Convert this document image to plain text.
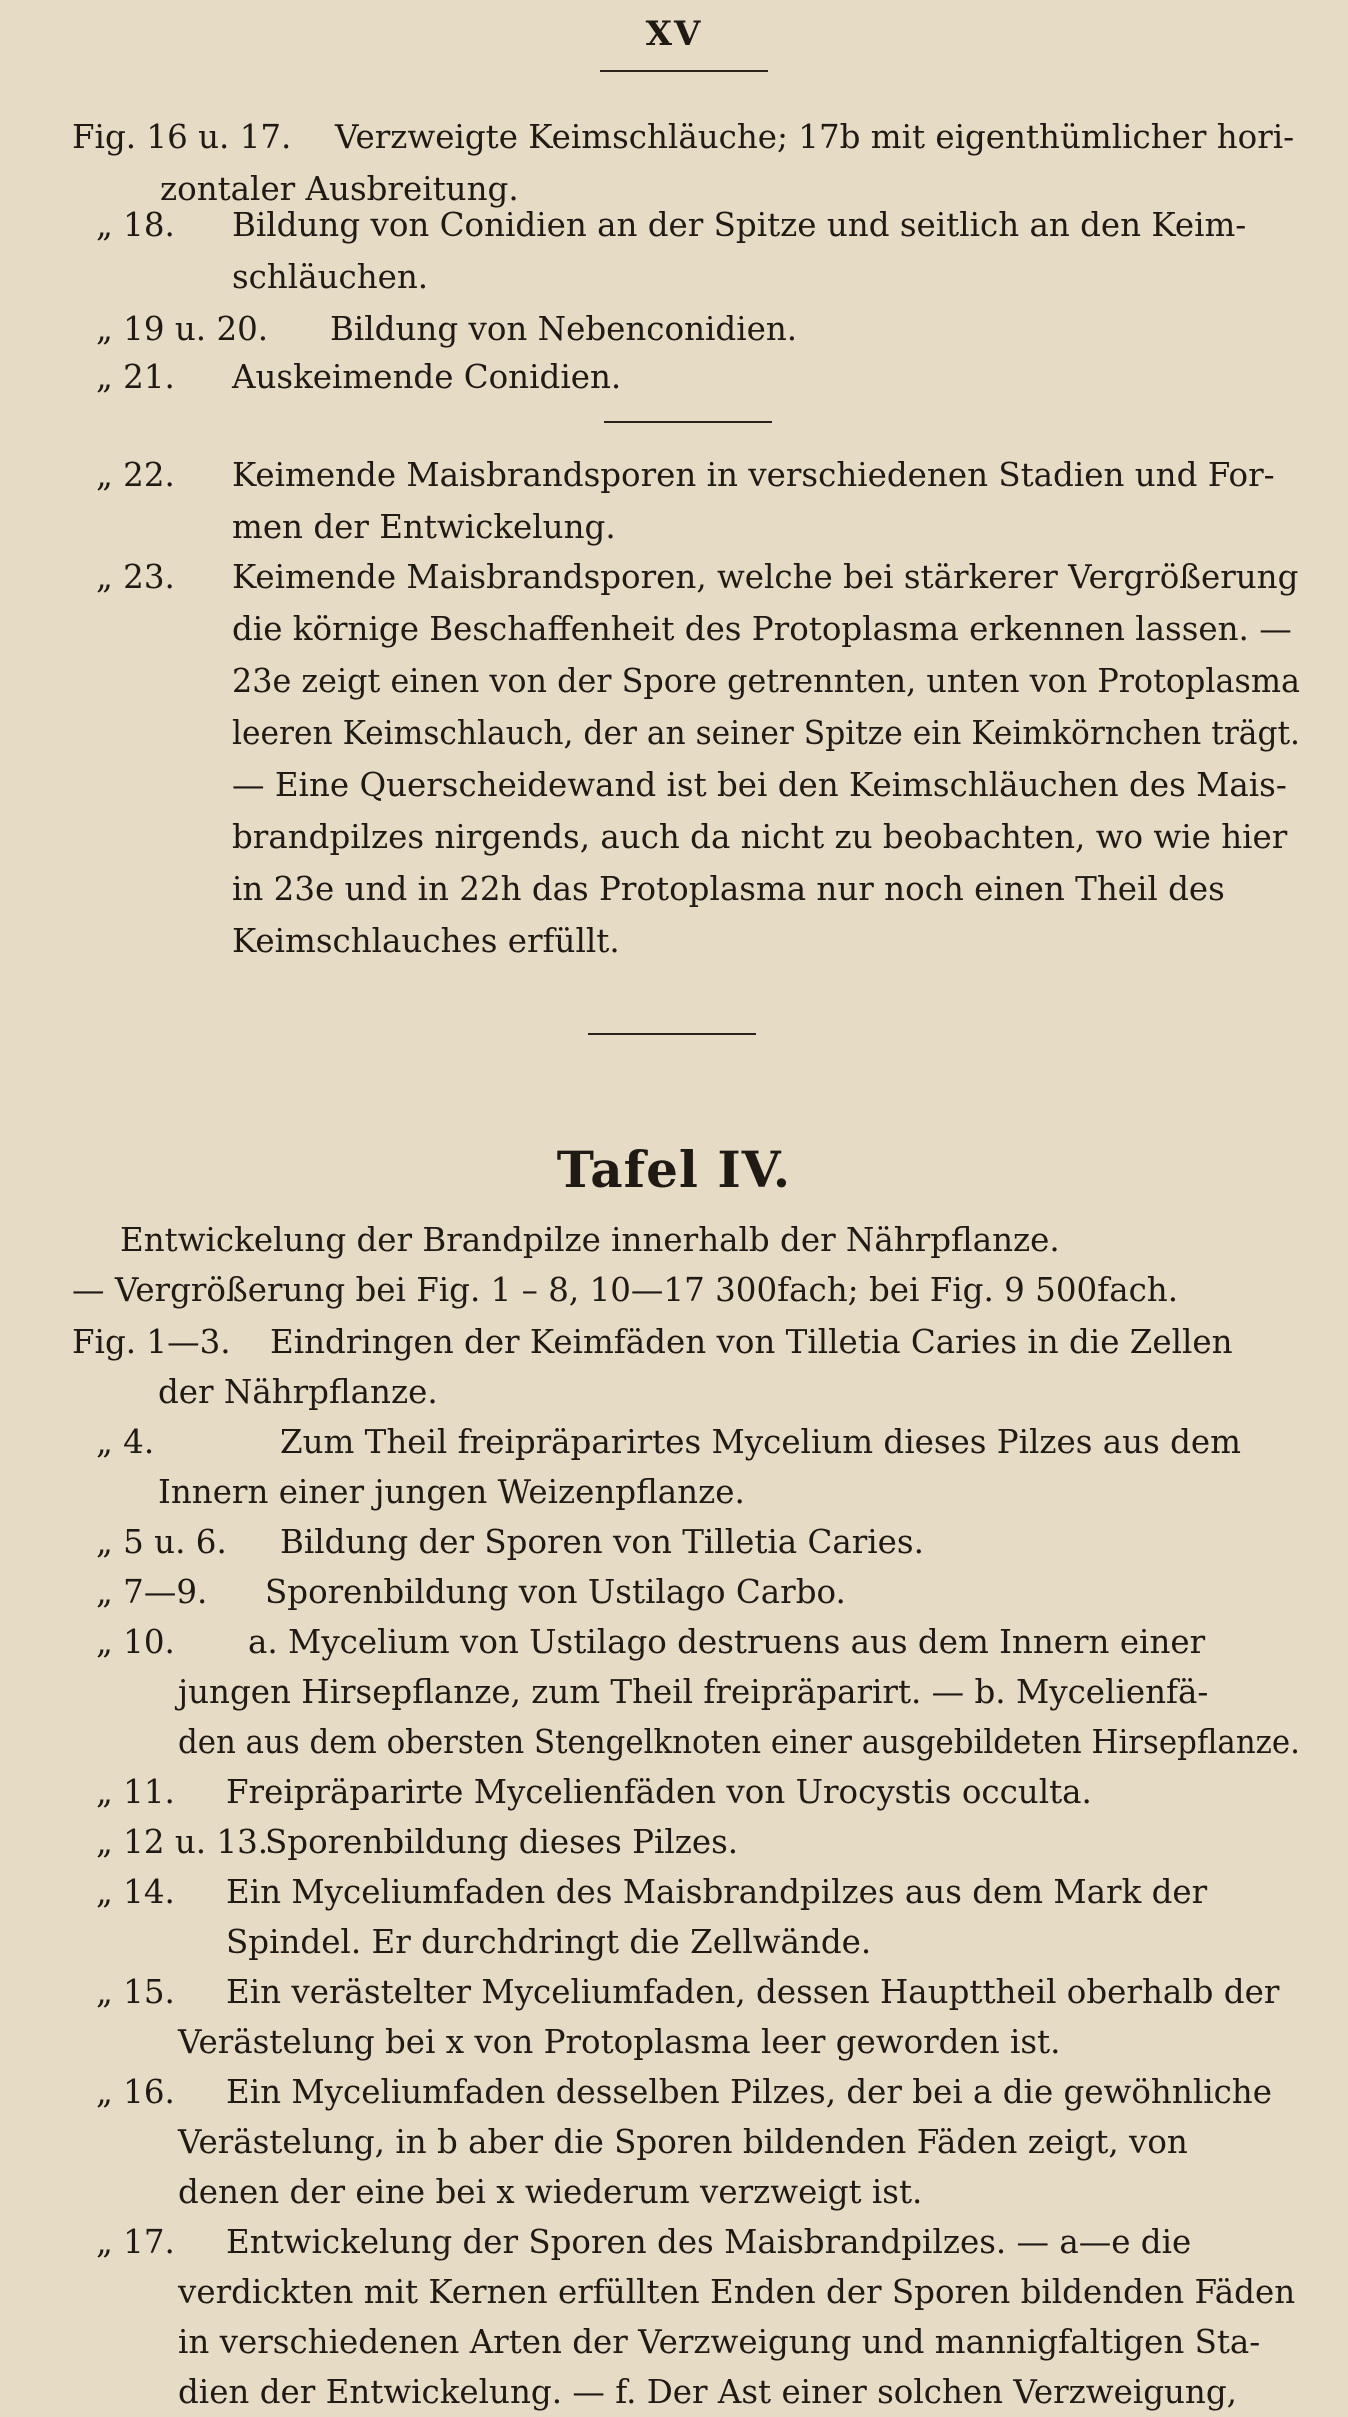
XV
Fig. 16 u. 17. Verzweigte Keimschläuche; 17b mit eigenthümlicher hori-
zontaler Ausbreitung.
„ 18. Bildung von Conidien an der Spitze und seitlich an den Keim-
schläuchen.
„ 19 u. 20. Bildung von Nebenconidien.
„ 21. Auskeimende Conidien.
„ 22. Keimende Maisbrandsporen in verschiedenen Stadien und For-
men der Entwickelung.
„ 23. Keimende Maisbrandsporen, welche bei stärkerer Vergrößerung
die körnige Beschaffenheit des Protoplasma erkennen lassen. —
23e zeigt einen von der Spore getrennten, unten von Protoplasma
leeren Keimschlauch, der an seiner Spitze ein Keimkörnchen trägt.
— Eine Querscheidewand ist bei den Keimschläuchen des Mais-
brandpilzes nirgends, auch da nicht zu beobachten, wo wie hier
in 23e und in 22h das Protoplasma nur noch einen Theil des
Keimschlauches erfüllt.
Tafel IV.
Entwickelung der Brandpilze innerhalb der Nährpflanze.
— Vergrößerung bei Fig. 1 – 8, 10—17 300fach; bei Fig. 9 500fach.
Fig. 1—3. Eindringen der Keimfäden von Tilletia Caries in die Zellen
der Nährpflanze.
„ 4.	Zum Theil freipräparirtes Mycelium dieses Pilzes aus dem
Innern einer jungen Weizenpflanze.
„ 5 u. 6. Bildung der Sporen von Tilletia Caries.
„ 7—9. Sporenbildung von Ustilago Carbo.
„ 10. a. Mycelium von Ustilago destruens aus dem Innern einer
jungen Hirsepflanze, zum Theil freipräparirt. — b. Mycelienfä-
den aus dem obersten Stengelknoten einer ausgebildeten Hirsepflanze.
„ 11. Freipräparirte Mycelienfäden von Urocystis occulta.
„ 12 u. 13.
Sporenbildung dieses Pilzes.
„ 14. Ein Myceliumfaden des Maisbrandpilzes aus dem Mark der
Spindel. Er durchdringt die Zellwände.
„ 15. Ein verästelter Myceliumfaden, dessen Haupttheil oberhalb der
Verästelung bei x von Protoplasma leer geworden ist.
„ 16. Ein Myceliumfaden desselben Pilzes, der bei a die gewöhnliche
Verästelung, in b aber die Sporen bildenden Fäden zeigt, von
denen der eine bei x wiederum verzweigt ist.
„ 17. Entwickelung der Sporen des Maisbrandpilzes. — a—e die
verdickten mit Kernen erfüllten Enden der Sporen bildenden Fäden
in verschiedenen Arten der Verzweigung und mannigfaltigen Sta-
dien der Entwickelung. — f. Der Ast einer solchen Verzweigung,
